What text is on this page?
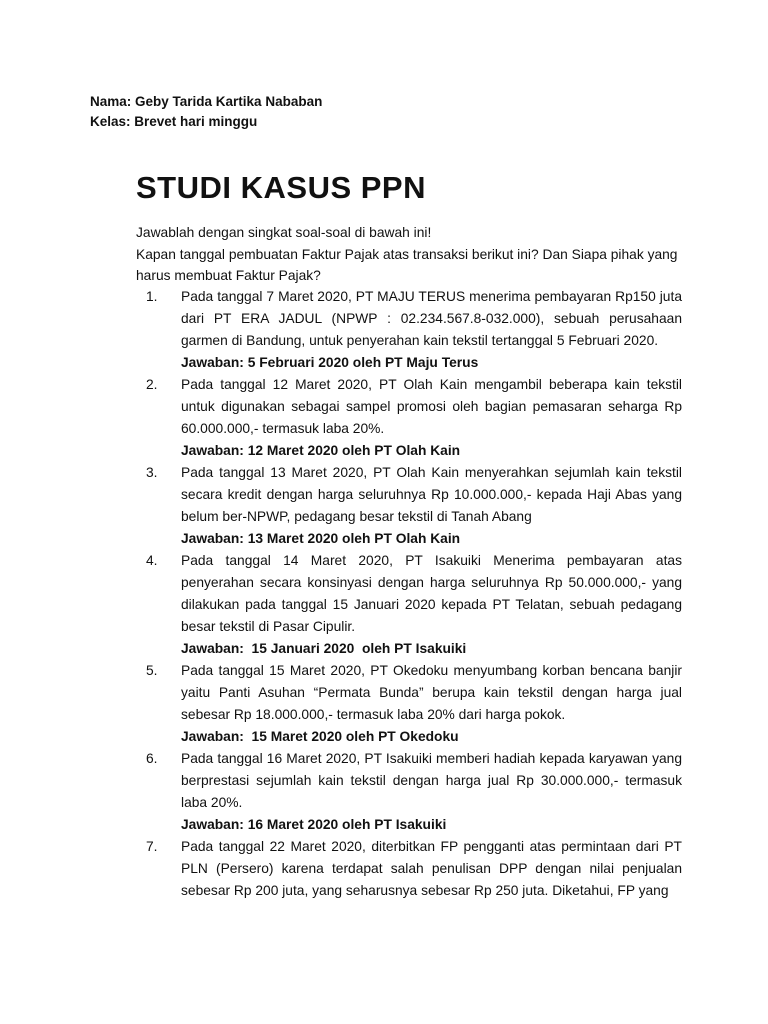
Nama: Geby Tarida Kartika Nababan
Kelas: Brevet hari minggu
STUDI KASUS PPN

Jawablah dengan singkat soal-soal di bawah ini!

Kapan tanggal pembuatan Faktur Pajak atas transaksi berikut ini? Dan Siapa pihak yang harus membuat Faktur Pajak?

1. Pada tanggal 7 Maret 2020, PT MAJU TERUS menerima pembayaran Rp150 juta dari PT ERA JADUL (NPWP : 02.234.567.8-032.000), sebuah perusahaan garmen di Bandung, untuk penyerahan kain tekstil tertanggal 5 Februari 2020.

Jawaban: 5 Februari 2020 oleh PT Maju Terus

2. Pada tanggal 12 Maret 2020, PT Olah Kain mengambil beberapa kain tekstil untuk digunakan sebagai sampel promosi oleh bagian pemasaran seharga Rp 60.000.000,- termasuk laba 20%.

Jawaban: 12 Maret 2020 oleh PT Olah Kain

3. Pada tanggal 13 Maret 2020, PT Olah Kain menyerahkan sejumlah kain tekstil secara kredit dengan harga seluruhnya Rp 10.000.000,- kepada Haji Abas yang belum ber-NPWP, pedagang besar tekstil di Tanah Abang

Jawaban: 13 Maret 2020 oleh PT Olah Kain

4. Pada tanggal 14 Maret 2020, PT Isakuiki Menerima pembayaran atas penyerahan secara konsinyasi dengan harga seluruhnya Rp 50.000.000,- yang dilakukan pada tanggal 15 Januari 2020 kepada PT Telatan, sebuah pedagang besar tekstil di Pasar Cipulir.

Jawaban:  15 Januari 2020  oleh PT Isakuiki

5. Pada tanggal 15 Maret 2020, PT Okedoku menyumbang korban bencana banjir yaitu Panti Asuhan “Permata Bunda” berupa kain tekstil dengan harga jual sebesar Rp 18.000.000,- termasuk laba 20% dari harga pokok.

Jawaban:  15 Maret 2020 oleh PT Okedoku

6. Pada tanggal 16 Maret 2020, PT Isakuiki memberi hadiah kepada karyawan yang berprestasi sejumlah kain tekstil dengan harga jual Rp 30.000.000,- termasuk laba 20%.

Jawaban: 16 Maret 2020 oleh PT Isakuiki

7. Pada tanggal 22 Maret 2020, diterbitkan FP pengganti atas permintaan dari PT PLN (Persero) karena terdapat salah penulisan DPP dengan nilai penjualan sebesar Rp 200 juta, yang seharusnya sebesar Rp 250 juta. Diketahui, FP yang
